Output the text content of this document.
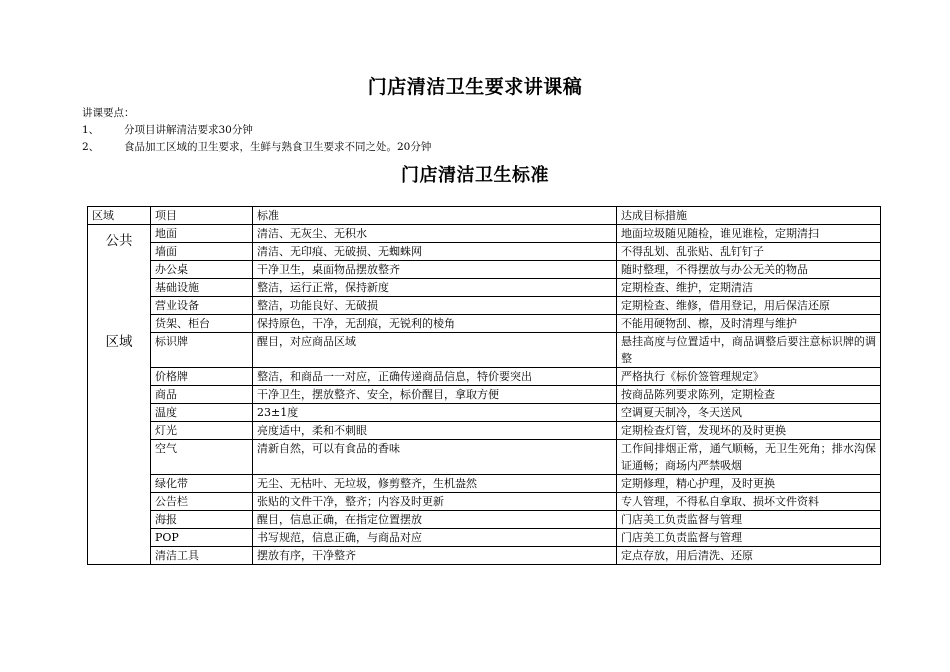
门店清洁卫生要求讲课稿
讲课要点：
1、	分项目讲解清洁要求30分钟
2、	食品加工区域的卫生要求，生鲜与熟食卫生要求不同之处。20分钟
门店清洁卫生标准
区域	项目	标准	达成目标措施

公共
区域	地面	清洁、无灰尘、无积水	地面垃圾随见随检，谁见谁检，定期清扫
	墙面	清洁、无印痕、无破损、无蜘蛛网	不得乱划、乱张贴、乱钉钉子
	办公桌	干净卫生，桌面物品摆放整齐	随时整理，不得摆放与办公无关的物品
	基础设施	整洁，运行正常，保持新度	定期检查、维护，定期清洁
	营业设备	整洁，功能良好、无破损	定期检查、维修，借用登记，用后保洁还原
	货架、柜台	保持原色，干净，无刮痕，无锐利的棱角	不能用硬物刮、檫，及时清理与维护
	标识牌	醒目，对应商品区域	悬挂高度与位置适中，商品调整后要注意标识牌的调整
	价格牌	整洁，和商品一一对应，正确传递商品信息，特价要突出	严格执行《标价签管理规定》
	商品	干净卫生，摆放整齐、安全，标价醒目，拿取方便	按商品陈列要求陈列，定期检查
	温度	23±1度	空调夏天制冷，冬天送风
	灯光	亮度适中，柔和不刺眼	定期检查灯管，发现坏的及时更换
	空气	清新自然，可以有食品的香味	工作间排烟正常，通气顺畅，无卫生死角；排水沟保证通畅；商场内严禁吸烟
	绿化带	无尘、无枯叶、无垃圾，修剪整齐，生机盎然	定期修理，精心护理，及时更换
	公告栏	张贴的文件干净，整齐；内容及时更新	专人管理，不得私自拿取、损坏文件资料
	海报	醒目，信息正确，在指定位置摆放	门店美工负责监督与管理
	POP	书写规范，信息正确，与商品对应	门店美工负责监督与管理
	清洁工具	摆放有序，干净整齐	定点存放，用后清洗、还原
